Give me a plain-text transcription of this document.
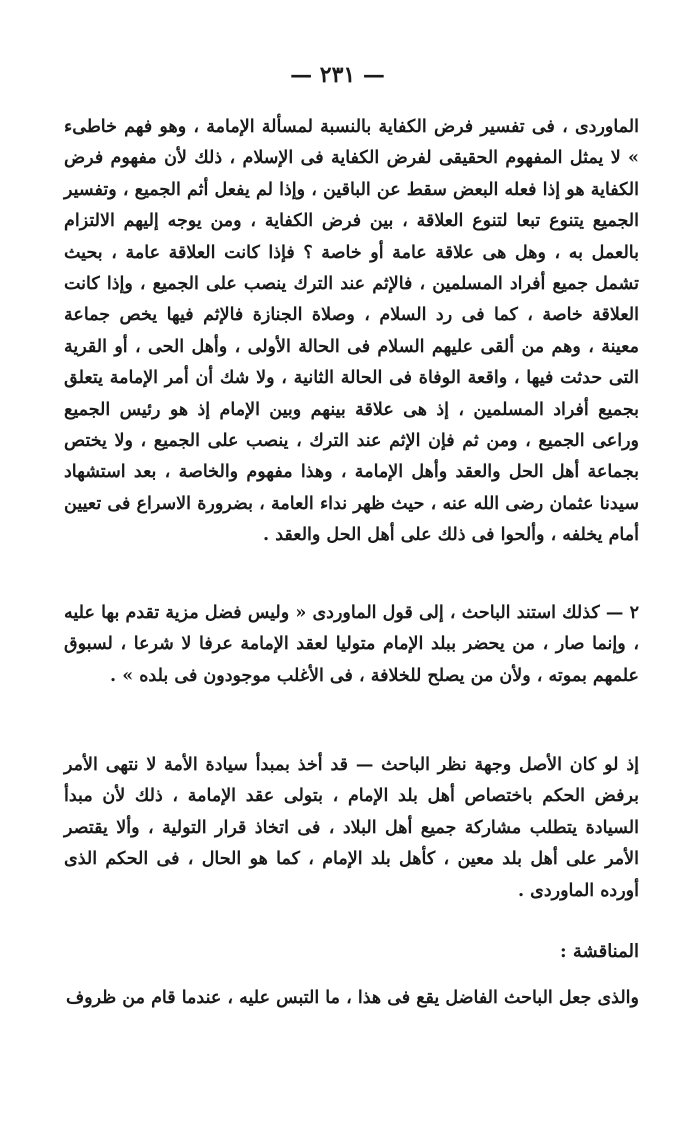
— ٢٣١ —

الماوردى ، فى تفسير فرض الكفاية بالنسبة لمسألة الإمامة ، وهو فهم خاطىء » لا يمثل المفهوم الحقيقى لفرض الكفاية فى الإسلام ، ذلك لأن مفهوم فرض الكفاية هو إذا فعله البعض سقط عن الباقين ، وإذا لم يفعل أثم الجميع ، وتفسير الجميع يتنوع تبعا لتنوع العلاقة ، بين فرض الكفاية ، ومن يوجه إليهم الالتزام بالعمل به ، وهل هى علاقة عامة أو خاصة ؟ فإذا كانت العلاقة عامة ، بحيث تشمل جميع أفراد المسلمين ، فالإثم عند الترك ينصب على الجميع ، وإذا كانت العلاقة خاصة ، كما فى رد السلام ، وصلاة الجنازة فالإثم فيها يخص جماعة معينة ، وهم من ألقى عليهم السلام فى الحالة الأولى ، وأهل الحى ، أو القرية التى حدثت فيها ، واقعة الوفاة فى الحالة الثانية ، ولا شك أن أمر الإمامة يتعلق بجميع أفراد المسلمين ، إذ هى علاقة بينهم وبين الإمام إذ هو رئيس الجميع وراعى الجميع ، ومن ثم فإن الإثم عند الترك ، ينصب على الجميع ، ولا يختص بجماعة أهل الحل والعقد وأهل الإمامة ، وهذا مفهوم والخاصة ، بعد استشهاد سيدنا عثمان رضى الله عنه ، حيث ظهر نداء العامة ، بضرورة الاسراع فى تعيين أمام يخلفه ، وألحوا فى ذلك على أهل الحل والعقد .

٢ — كذلك استند الباحث ، إلى قول الماوردى « وليس فضل مزية تقدم بها عليه ، وإنما صار ، من يحضر ببلد الإمام متوليا لعقد الإمامة عرفا لا شرعا ، لسبوق علمهم بموته ، ولأن من يصلح للخلافة ، فى الأغلب موجودون فى بلده » .

إذ لو كان الأصل وجهة نظر الباحث — قد أخذ بمبدأ سيادة الأمة لا نتهى الأمر برفض الحكم باختصاص أهل بلد الإمام ، بتولى عقد الإمامة ، ذلك لأن مبدأ السيادة يتطلب مشاركة جميع أهل البلاد ، فى اتخاذ قرار التولية ، وألا يقتصر الأمر على أهل بلد معين ، كأهل بلد الإمام ، كما هو الحال ، فى الحكم الذى أورده الماوردى .

المناقشة :

والذى جعل الباحث الفاضل يقع فى هذا ، ما التبس عليه ، عندما قام من ظروف
